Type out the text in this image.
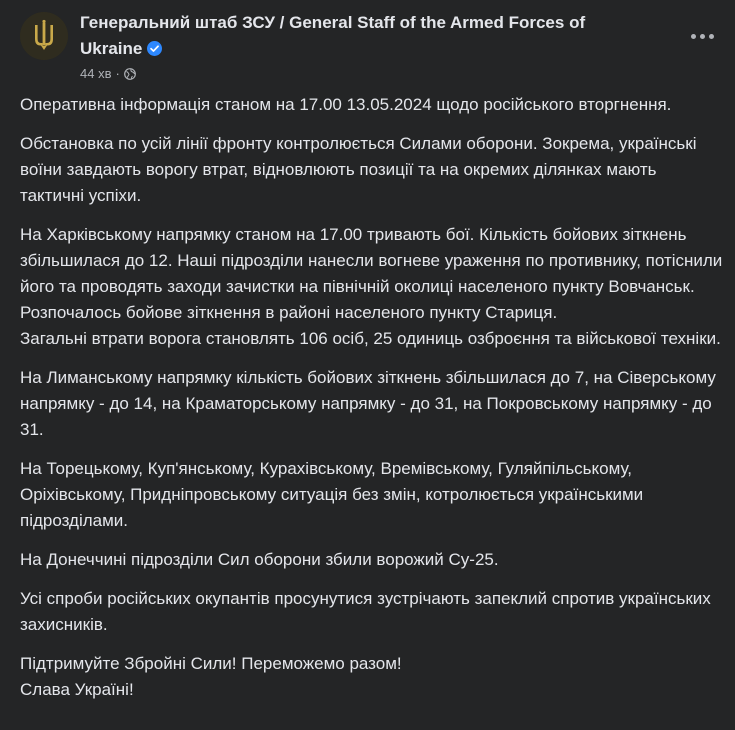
Генеральний штаб ЗСУ / General Staff of the Armed Forces of Ukraine
44 хв ·
Оперативна інформація станом на 17.00 13.05.2024 щодо російського вторгнення.
Обстановка по усій лінії фронту контролюється Силами оборони. Зокрема, українські воїни завдають ворогу втрат, відновлюють позиції та на окремих ділянках мають тактичні успіхи.
На Харківському напрямку станом на 17.00 тривають бої. Кількість бойових зіткнень збільшилася до 12. Наші підрозділи нанесли вогневе ураження по противнику, потіснили його та проводять заходи зачистки на північній околиці населеного пункту Вовчанськ.
Розпочалось бойове зіткнення в районі населеного пункту Стариця.
Загальні втрати ворога становлять 106 осіб, 25 одиниць озброєння та військової техніки.
На Лиманському напрямку кількість бойових зіткнень збільшилася до 7, на Сіверському напрямку - до 14, на Краматорському напрямку - до 31, на Покровському напрямку - до 31.
На Торецькому, Куп'янському, Курахівському, Времівському, Гуляйпільському, Оріхівському, Придніпровському ситуація без змін, котролюється українськими підрозділами.
На Донеччині підрозділи Сил оборони збили ворожий Су-25.
Усі спроби російських окупантів просунутися зустрічають запеклий спротив українських захисників.
Підтримуйте Збройні Сили! Переможемо разом!
Слава Україні!
